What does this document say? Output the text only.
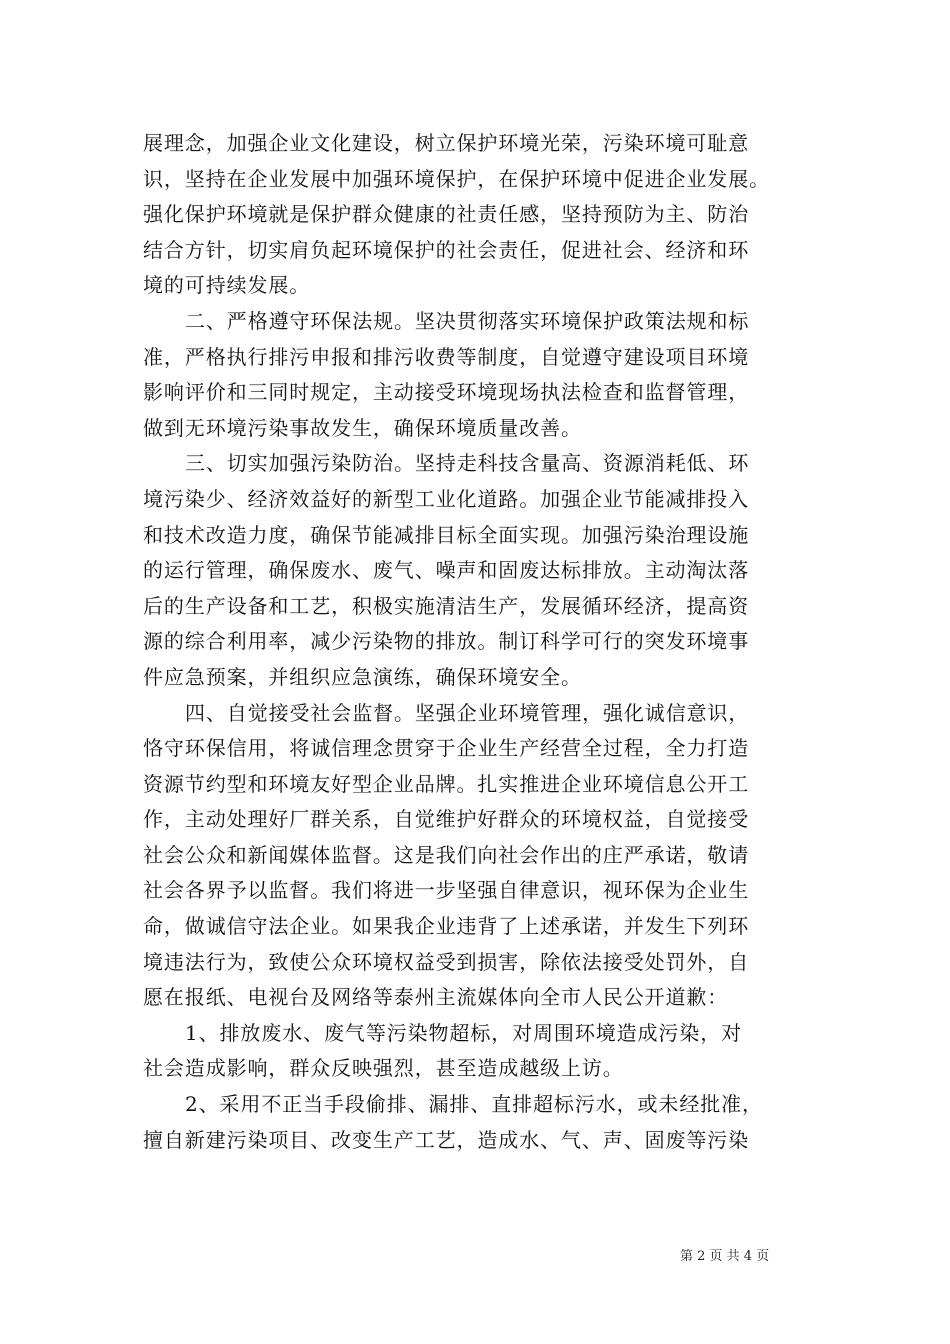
展理念，加强企业文化建设，树立保护环境光荣，污染环境可耻意
识，坚持在企业发展中加强环境保护，在保护环境中促进企业发展。
强化保护环境就是保护群众健康的社责任感，坚持预防为主、防治
结合方针，切实肩负起环境保护的社会责任，促进社会、经济和环
境的可持续发展。

二、严格遵守环保法规。坚决贯彻落实环境保护政策法规和标
准，严格执行排污申报和排污收费等制度，自觉遵守建设项目环境
影响评价和三同时规定，主动接受环境现场执法检查和监督管理，
做到无环境污染事故发生，确保环境质量改善。

三、切实加强污染防治。坚持走科技含量高、资源消耗低、环
境污染少、经济效益好的新型工业化道路。加强企业节能减排投入
和技术改造力度，确保节能减排目标全面实现。加强污染治理设施
的运行管理，确保废水、废气、噪声和固废达标排放。主动淘汰落
后的生产设备和工艺，积极实施清洁生产，发展循环经济，提高资
源的综合利用率，减少污染物的排放。制订科学可行的突发环境事
件应急预案，并组织应急演练，确保环境安全。

四、自觉接受社会监督。坚强企业环境管理，强化诚信意识，
恪守环保信用，将诚信理念贯穿于企业生产经营全过程，全力打造
资源节约型和环境友好型企业品牌。扎实推进企业环境信息公开工
作，主动处理好厂群关系，自觉维护好群众的环境权益，自觉接受
社会公众和新闻媒体监督。这是我们向社会作出的庄严承诺，敬请
社会各界予以监督。我们将进一步坚强自律意识，视环保为企业生
命，做诚信守法企业。如果我企业违背了上述承诺，并发生下列环
境违法行为，致使公众环境权益受到损害，除依法接受处罚外，自
愿在报纸、电视台及网络等泰州主流媒体向全市人民公开道歉：

1、排放废水、废气等污染物超标，对周围环境造成污染，对
社会造成影响，群众反映强烈，甚至造成越级上访。

2、采用不正当手段偷排、漏排、直排超标污水，或未经批准，
擅自新建污染项目、改变生产工艺，造成水、气、声、固废等污染

第 2 页 共 4 页
